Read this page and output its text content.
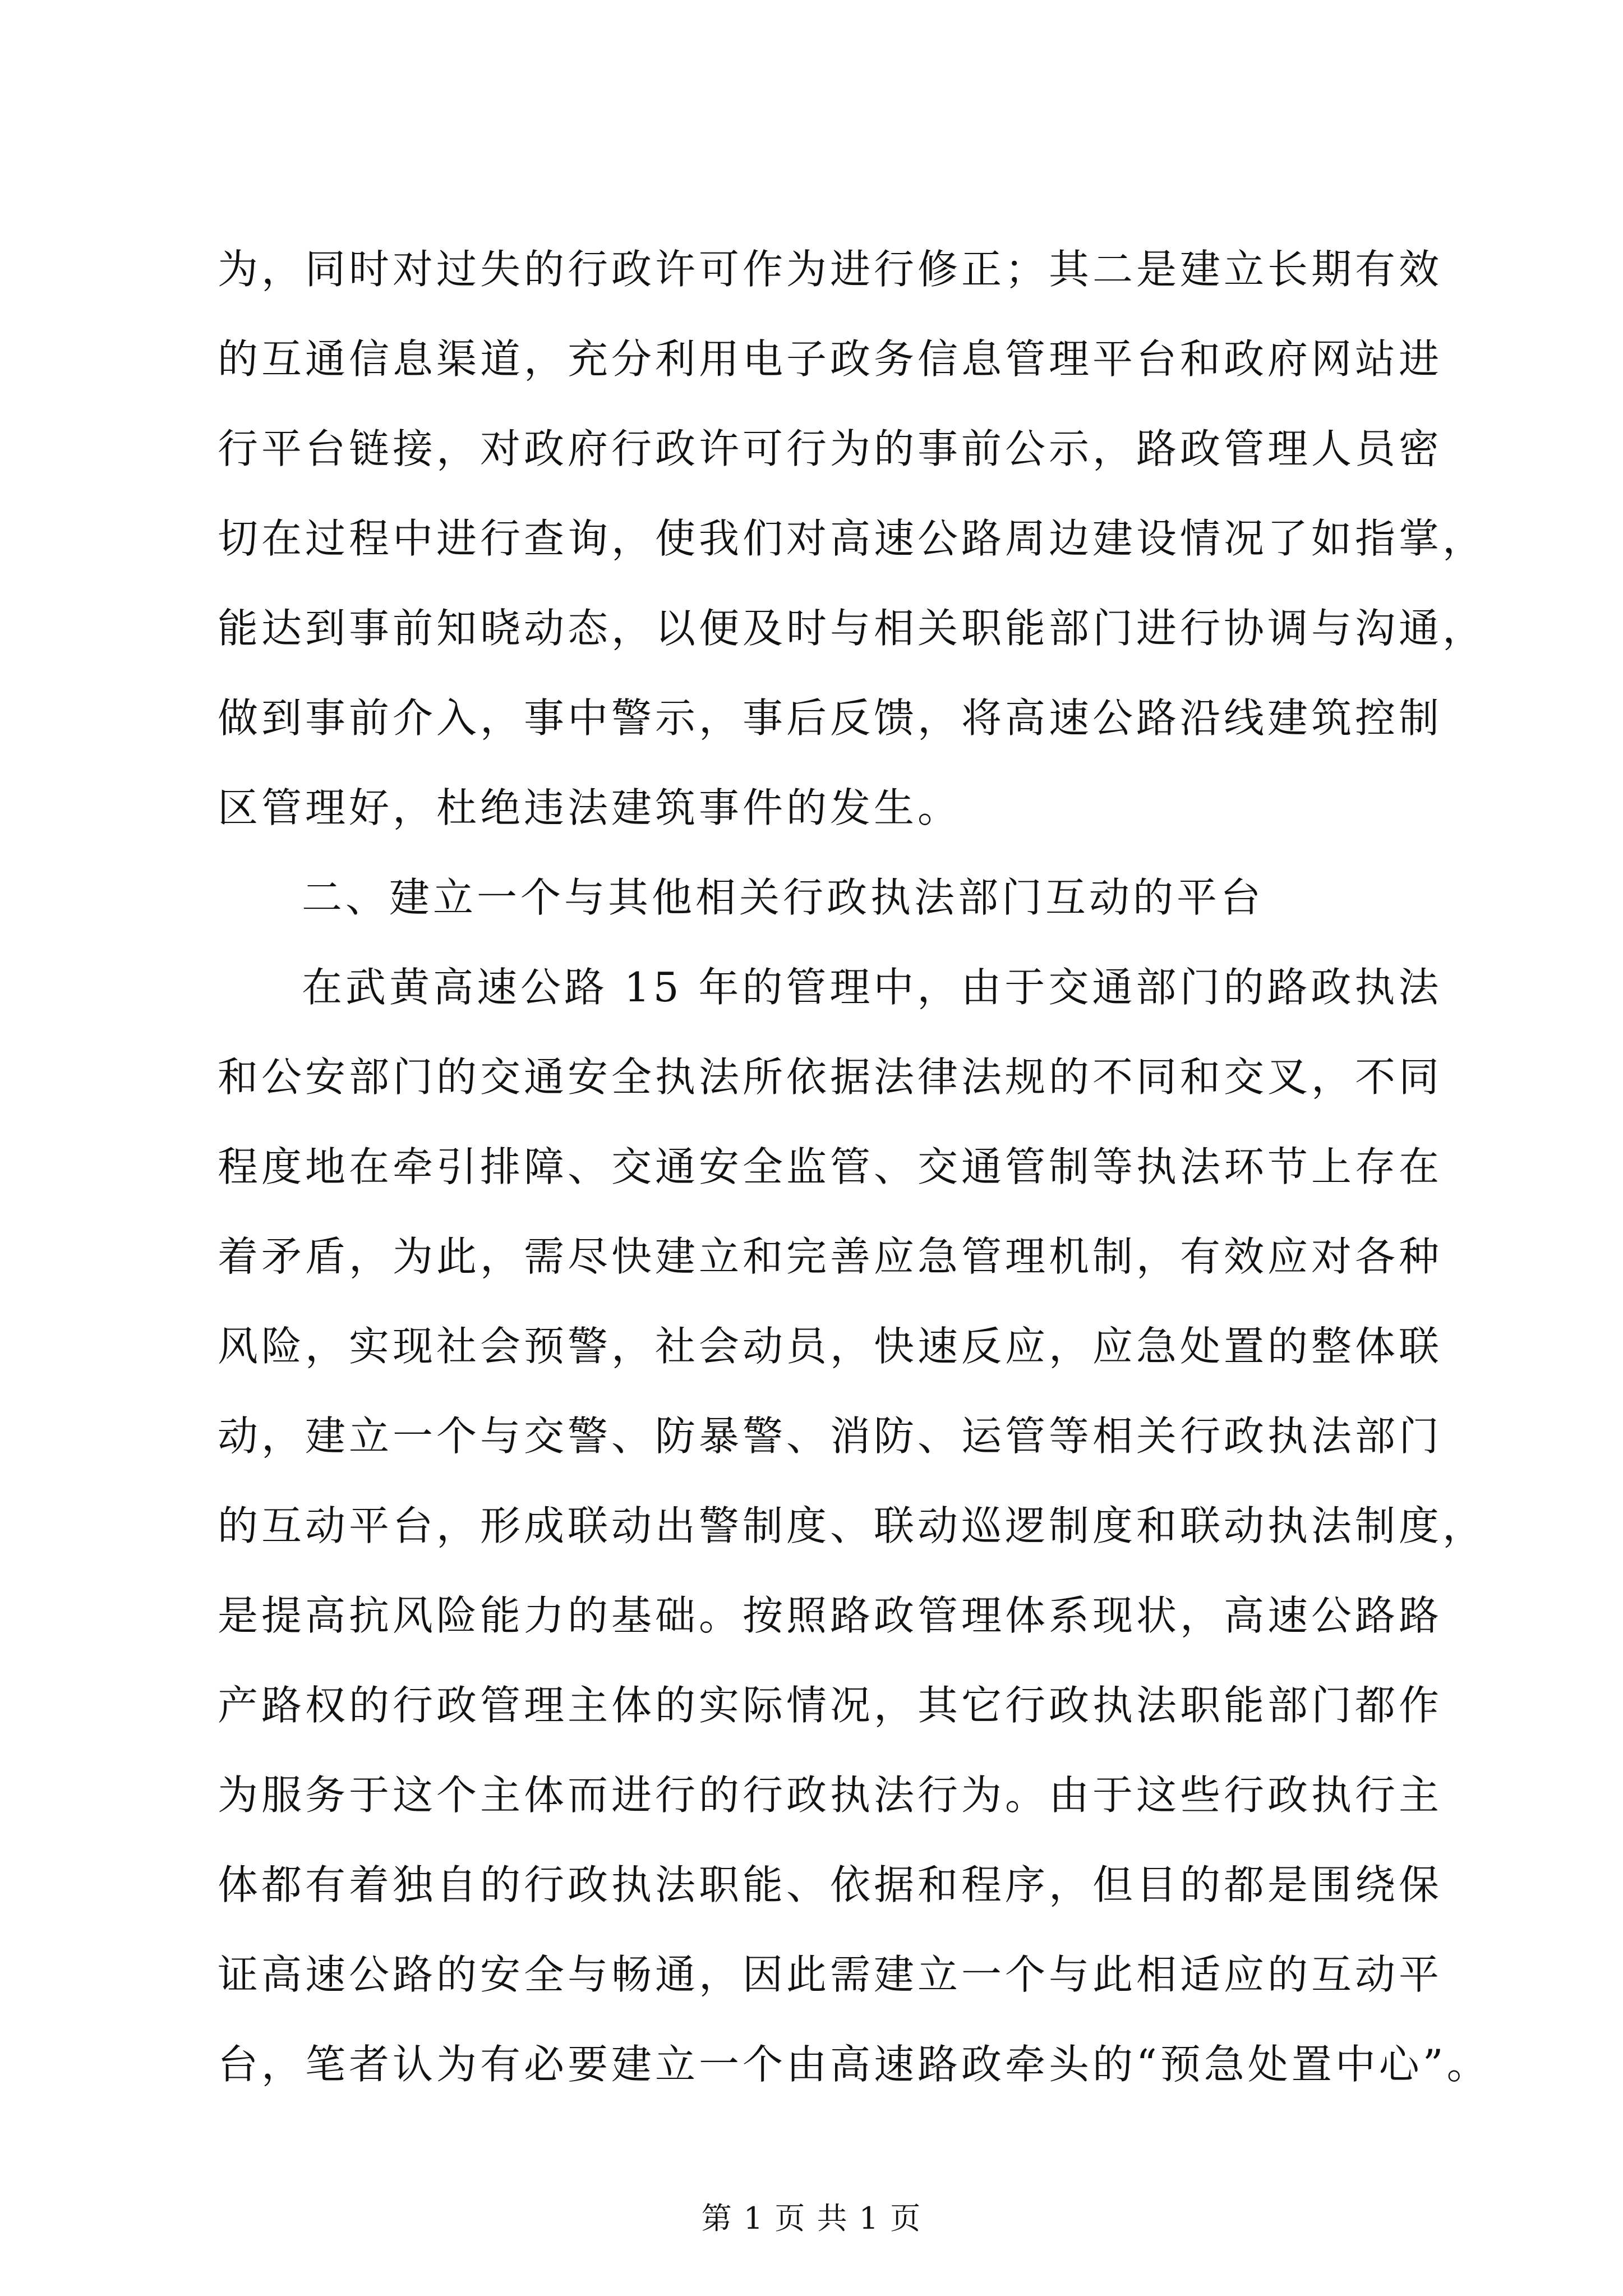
为，同时对过失的行政许可作为进行修正；其二是建立长期有效
的互通信息渠道，充分利用电子政务信息管理平台和政府网站进
行平台链接，对政府行政许可行为的事前公示，路政管理人员密
切在过程中进行查询，使我们对高速公路周边建设情况了如指掌，
能达到事前知晓动态，以便及时与相关职能部门进行协调与沟通，
做到事前介入，事中警示，事后反馈，将高速公路沿线建筑控制
区管理好，杜绝违法建筑事件的发生。
二、建立一个与其他相关行政执法部门互动的平台
在武黄高速公路 15 年的管理中，由于交通部门的路政执法
和公安部门的交通安全执法所依据法律法规的不同和交叉，不同
程度地在牵引排障、交通安全监管、交通管制等执法环节上存在
着矛盾，为此，需尽快建立和完善应急管理机制，有效应对各种
风险，实现社会预警，社会动员，快速反应，应急处置的整体联
动，建立一个与交警、防暴警、消防、运管等相关行政执法部门
的互动平台，形成联动出警制度、联动巡逻制度和联动执法制度，
是提高抗风险能力的基础。按照路政管理体系现状，高速公路路
产路权的行政管理主体的实际情况，其它行政执法职能部门都作
为服务于这个主体而进行的行政执法行为。由于这些行政执行主
体都有着独自的行政执法职能、依据和程序，但目的都是围绕保
证高速公路的安全与畅通，因此需建立一个与此相适应的互动平
第 1 页 共 1 页
台，笔者认为有必要建立一个由高速路政牵头的“预急处置中心”。
